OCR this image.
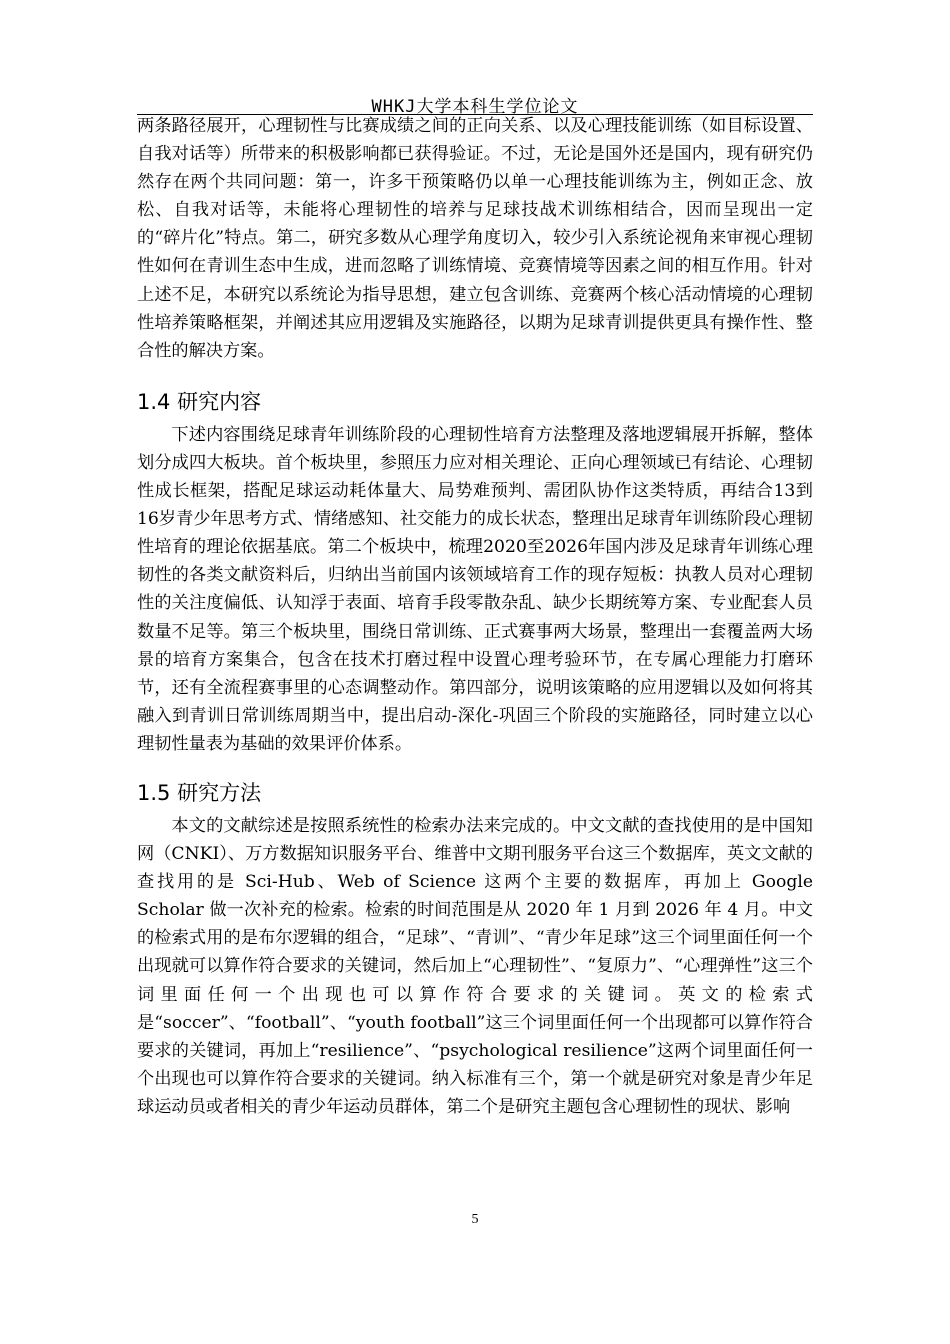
WHKJ大学本科生学位论文

两条路径展开，心理韧性与比赛成绩之间的正向关系、以及心理技能训练（如目标设置、自我对话等）所带来的积极影响都已获得验证。不过，无论是国外还是国内，现有研究仍然存在两个共同问题：第一，许多干预策略仍以单一心理技能训练为主，例如正念、放松、自我对话等，未能将心理韧性的培养与足球技战术训练相结合，因而呈现出一定的“碎片化”特点。第二，研究多数从心理学角度切入，较少引入系统论视角来审视心理韧性如何在青训生态中生成，进而忽略了训练情境、竞赛情境等因素之间的相互作用。针对上述不足，本研究以系统论为指导思想，建立包含训练、竞赛两个核心活动情境的心理韧性培养策略框架，并阐述其应用逻辑及实施路径，以期为足球青训提供更具有操作性、整合性的解决方案。

1.4 研究内容

下述内容围绕足球青年训练阶段的心理韧性培育方法整理及落地逻辑展开拆解，整体划分成四大板块。首个板块里，参照压力应对相关理论、正向心理领域已有结论、心理韧性成长框架，搭配足球运动耗体量大、局势难预判、需团队协作这类特质，再结合13到16岁青少年思考方式、情绪感知、社交能力的成长状态，整理出足球青年训练阶段心理韧性培育的理论依据基底。第二个板块中，梳理2020至2026年国内涉及足球青年训练心理韧性的各类文献资料后，归纳出当前国内该领域培育工作的现存短板：执教人员对心理韧性的关注度偏低、认知浮于表面、培育手段零散杂乱、缺少长期统筹方案、专业配套人员数量不足等。第三个板块里，围绕日常训练、正式赛事两大场景，整理出一套覆盖两大场景的培育方案集合，包含在技术打磨过程中设置心理考验环节，在专属心理能力打磨环节，还有全流程赛事里的心态调整动作。第四部分，说明该策略的应用逻辑以及如何将其融入到青训日常训练周期当中，提出启动-深化-巩固三个阶段的实施路径，同时建立以心理韧性量表为基础的效果评价体系。

1.5 研究方法

本文的文献综述是按照系统性的检索办法来完成的。中文文献的查找使用的是中国知网（CNKI）、万方数据知识服务平台、维普中文期刊服务平台这三个数据库，英文文献的查找用的是 Sci-Hub、Web of Science 这两个主要的数据库，再加上 Google Scholar 做一次补充的检索。检索的时间范围是从 2020 年 1 月到 2026 年 4 月。中文的检索式用的是布尔逻辑的组合，“足球”、“青训”、“青少年足球”这三个词里面任何一个出现就可以算作符合要求的关键词，然后加上“心理韧性”、“复原力”、“心理弹性”这三个词里面任何一个出现也可以算作符合要求的关键词。英文的检索式是“soccer”、“football”、“youth football”这三个词里面任何一个出现都可以算作符合要求的关键词，再加上“resilience”、“psychological resilience”这两个词里面任何一个出现也可以算作符合要求的关键词。纳入标准有三个，第一个就是研究对象是青少年足球运动员或者相关的青少年运动员群体，第二个是研究主题包含心理韧性的现状、影响

5
